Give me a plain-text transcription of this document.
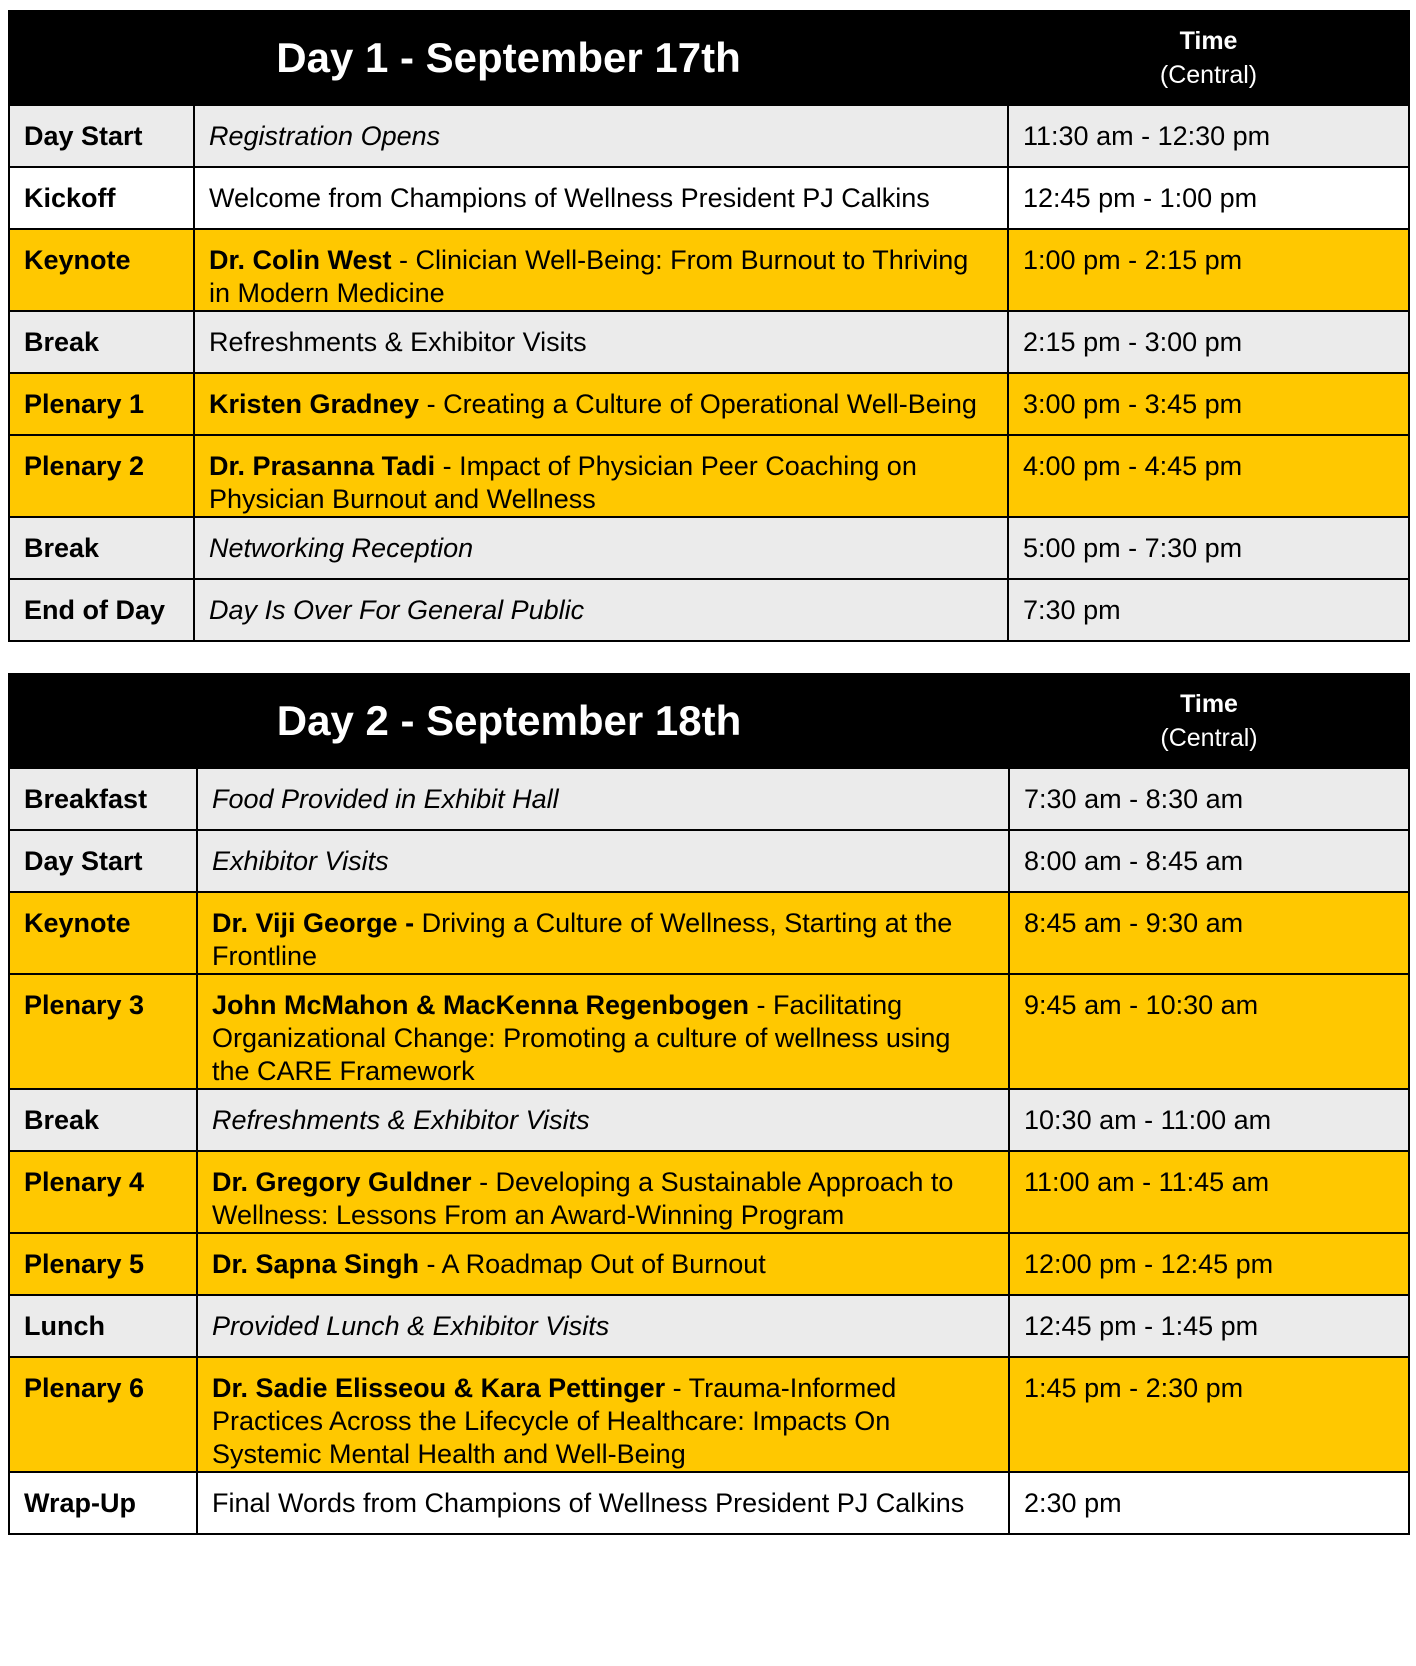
Day 1 - September 17th		Time
(Central)

Day Start	Registration Opens	11:30 am - 12:30 pm

Kickoff	Welcome from Champions of Wellness President PJ Calkins	12:45 pm - 1:00 pm

Keynote	Dr. Colin West - Clinician Well-Being: From Burnout to Thriving in Modern Medicine	1:00 pm - 2:15 pm

Break	Refreshments & Exhibitor Visits	2:15 pm - 3:00 pm

Plenary 1	Kristen Gradney - Creating a Culture of Operational Well-Being	3:00 pm - 3:45 pm

Plenary 2	Dr. Prasanna Tadi - Impact of Physician Peer Coaching on Physician Burnout and Wellness	4:00 pm - 4:45 pm

Break	Networking Reception	5:00 pm - 7:30 pm

End of Day	Day Is Over For General Public	7:30 pm
Day 2 - September 18th		Time
(Central)

Breakfast	Food Provided in Exhibit Hall	7:30 am - 8:30 am

Day Start	Exhibitor Visits	8:00 am - 8:45 am

Keynote	Dr. Viji George - Driving a Culture of Wellness, Starting at the Frontline	8:45 am - 9:30 am

Plenary 3	John McMahon & MacKenna Regenbogen - Facilitating Organizational Change: Promoting a culture of wellness using the CARE Framework	9:45 am - 10:30 am

Break	Refreshments & Exhibitor Visits	10:30 am - 11:00 am

Plenary 4	Dr. Gregory Guldner - Developing a Sustainable Approach to Wellness: Lessons From an Award-Winning Program	11:00 am - 11:45 am

Plenary 5	Dr. Sapna Singh - A Roadmap Out of Burnout	12:00 pm - 12:45 pm

Lunch	Provided Lunch & Exhibitor Visits	12:45 pm - 1:45 pm

Plenary 6	Dr. Sadie Elisseou & Kara Pettinger - Trauma-Informed Practices Across the Lifecycle of Healthcare: Impacts On Systemic Mental Health and Well-Being	1:45 pm - 2:30 pm

Wrap-Up	Final Words from Champions of Wellness President PJ Calkins	2:30 pm
